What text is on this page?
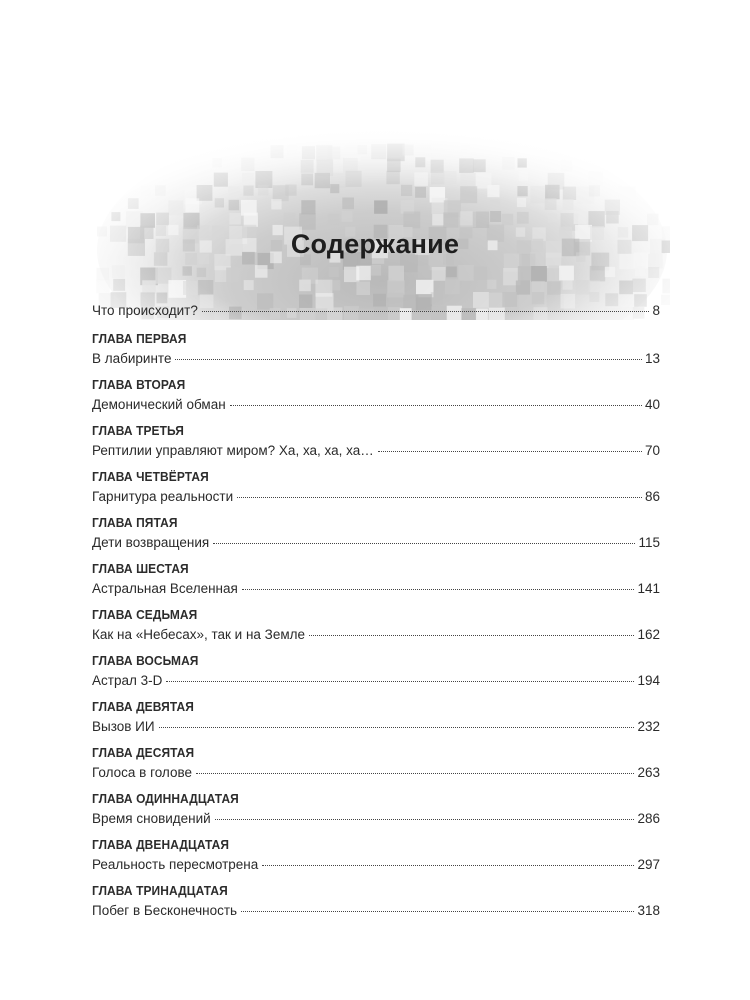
Содержание
Что происходит?	8
ГЛАВА ПЕРВАЯ
В лабиринте	13
ГЛАВА ВТОРАЯ
Демонический обман	40
ГЛАВА ТРЕТЬЯ
Рептилии управляют миром? Ха, ха, ха, ха…	70
ГЛАВА ЧЕТВЁРТАЯ
Гарнитура реальности	86
ГЛАВА ПЯТАЯ
Дети возвращения	115
ГЛАВА ШЕСТАЯ
Астральная Вселенная	141
ГЛАВА СЕДЬМАЯ
Как на «Небесах», так и на Земле	162
ГЛАВА ВОСЬМАЯ
Астрал 3-D	194
ГЛАВА ДЕВЯТАЯ
Вызов ИИ	232
ГЛАВА ДЕСЯТАЯ
Голоса в голове	263
ГЛАВА ОДИННАДЦАТАЯ
Время сновидений	286
ГЛАВА ДВЕНАДЦАТАЯ
Реальность пересмотрена	297
ГЛАВА ТРИНАДЦАТАЯ
Побег в Бесконечность	318
